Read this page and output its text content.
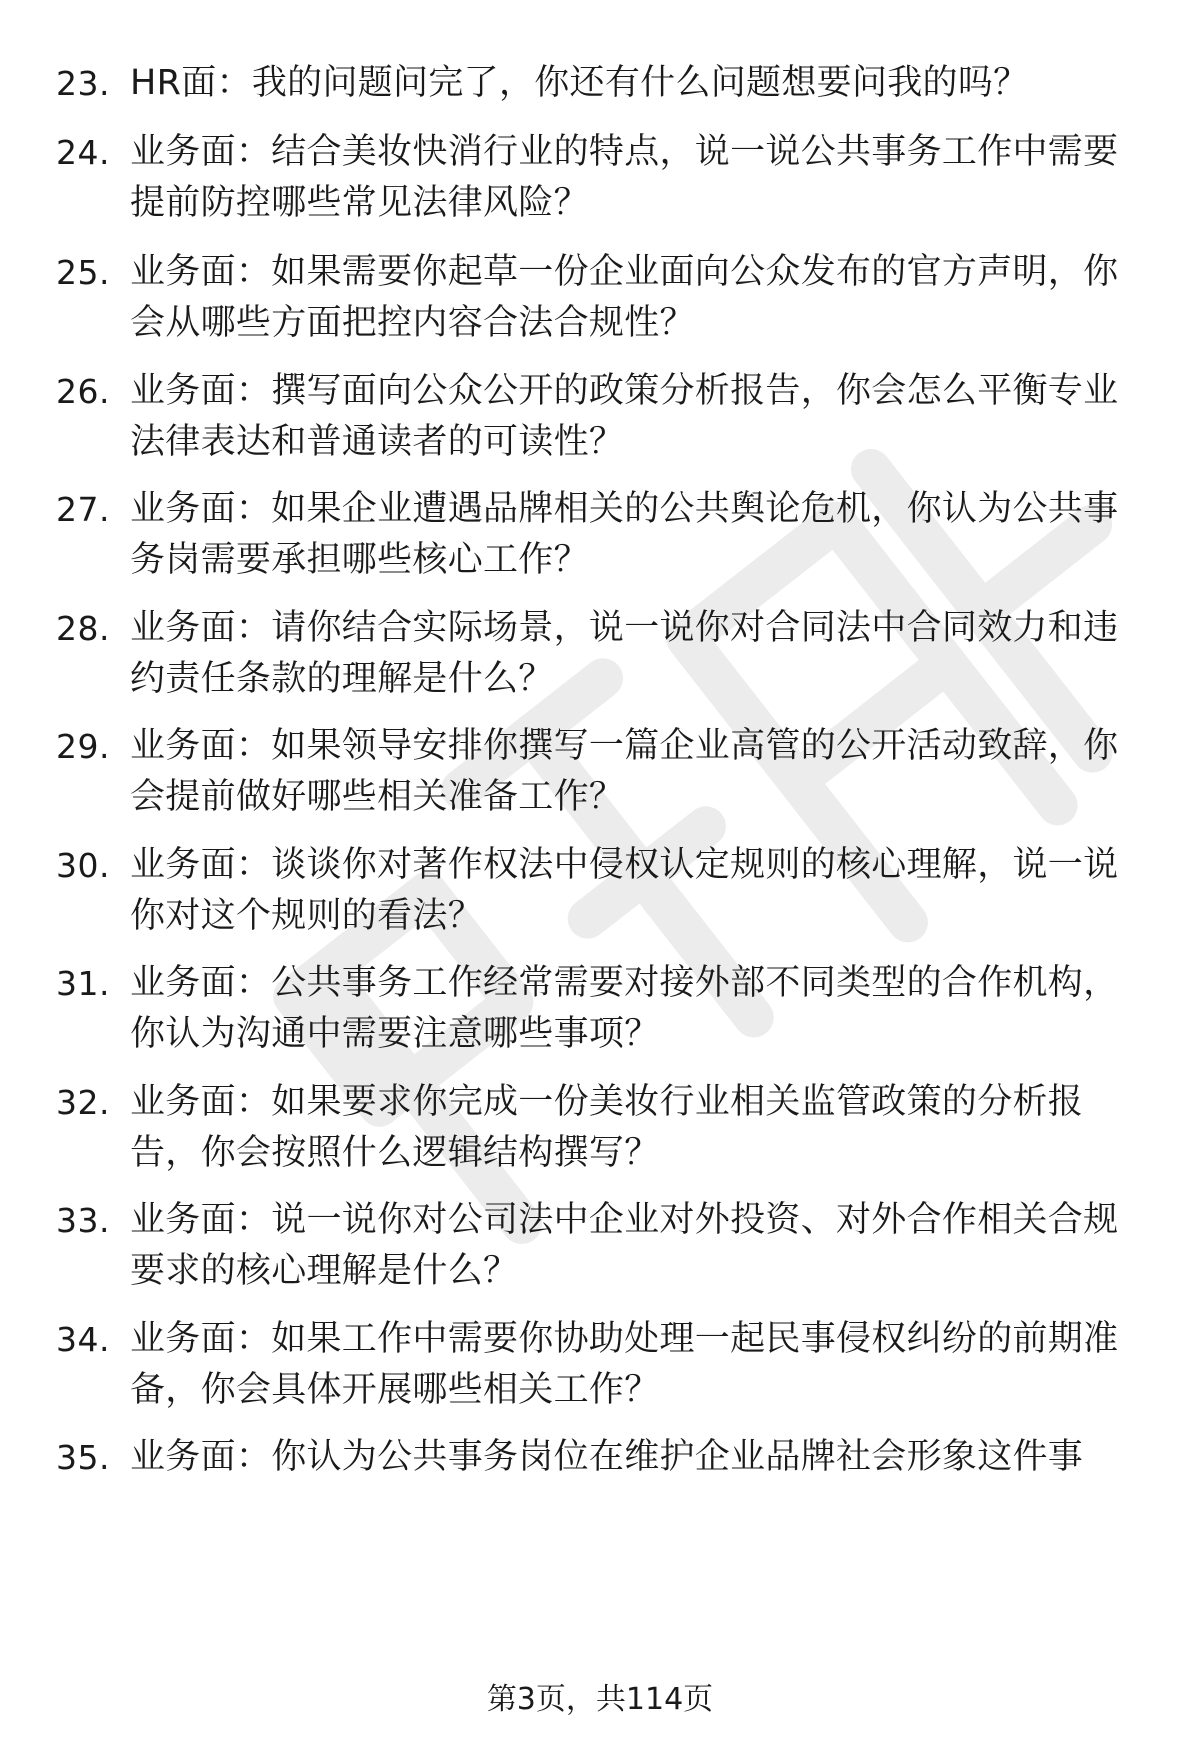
23. HR面：我的问题问完了，你还有什么问题想要问我的吗？
24. 业务面：结合美妆快消行业的特点，说一说公共事务工作中需要
提前防控哪些常见法律风险？
25. 业务面：如果需要你起草一份企业面向公众发布的官方声明，你
会从哪些方面把控内容合法合规性？
26. 业务面：撰写面向公众公开的政策分析报告，你会怎么平衡专业
法律表达和普通读者的可读性？
27. 业务面：如果企业遭遇品牌相关的公共舆论危机，你认为公共事
务岗需要承担哪些核心工作？
28. 业务面：请你结合实际场景，说一说你对合同法中合同效力和违
约责任条款的理解是什么？
29. 业务面：如果领导安排你撰写一篇企业高管的公开活动致辞，你
会提前做好哪些相关准备工作？
30. 业务面：谈谈你对著作权法中侵权认定规则的核心理解，说一说
你对这个规则的看法？
31. 业务面：公共事务工作经常需要对接外部不同类型的合作机构，
你认为沟通中需要注意哪些事项？
32. 业务面：如果要求你完成一份美妆行业相关监管政策的分析报
告，你会按照什么逻辑结构撰写？
33. 业务面：说一说你对公司法中企业对外投资、对外合作相关合规
要求的核心理解是什么？
34. 业务面：如果工作中需要你协助处理一起民事侵权纠纷的前期准
备，你会具体开展哪些相关工作？
35. 业务面：你认为公共事务岗位在维护企业品牌社会形象这件事
第3页，共114页
